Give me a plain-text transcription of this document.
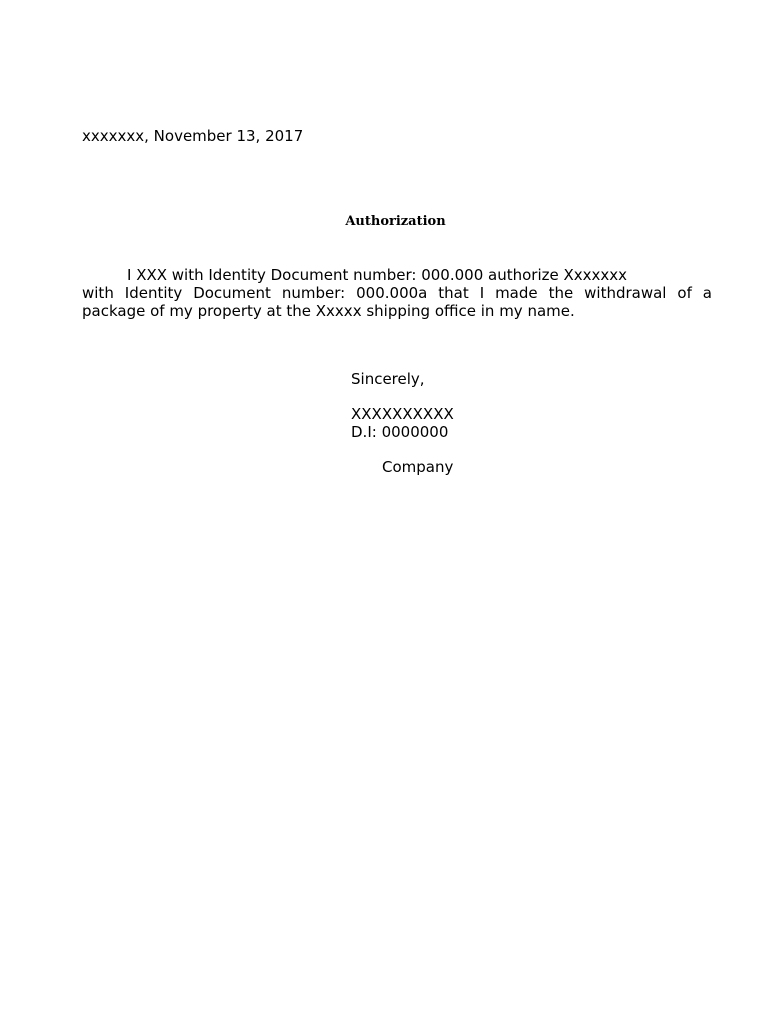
xxxxxxx, November 13, 2017
Authorization
I XXX with Identity Document number: 000.000 authorize Xxxxxxx
with Identity Document number: 000.000a that I made the withdrawal of a
package of my property at the Xxxxx shipping office in my name.
Sincerely,
XXXXXXXXXX
D.I: 0000000
Company
